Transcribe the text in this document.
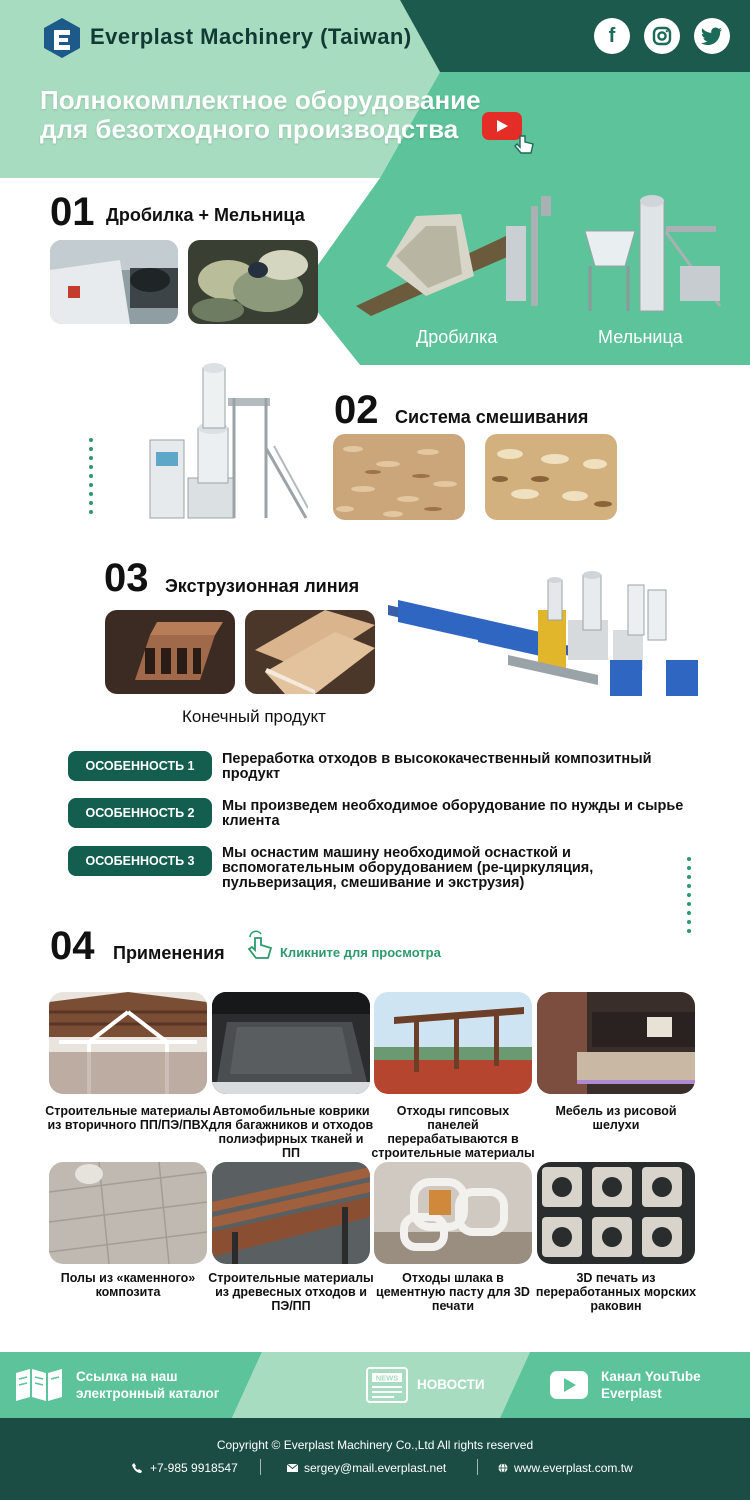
Everplast Machinery (Taiwan)	f
Полнокомплектное оборудование для безотходного производства
01 Дробилка + Мельница
Дробилка	Мельница
02 Система смешивания
03 Экструзионная линия
Конечный продукт
ОСОБЕННОСТЬ 1	Переработка отходов в высококачественный композитный продукт
ОСОБЕННОСТЬ 2	Мы произведем необходимое оборудование по нужды и сырье клиента
ОСОБЕННОСТЬ 3	Мы оснастим машину необходимой оснасткой и вспомогательным оборудованием (ре-циркуляция, пульверизация, смешивание и экструзия)
04 Применения	Кликните для просмотра
Строительные материалы из вторичного ПП/ПЭ/ПВХ
Автомобильные коврики для багажников и отходов полиэфирных тканей и ПП
Отходы гипсовых панелей перерабатываются в строительные материалы
Мебель из рисовой шелухи
Полы из «каменного» композита
Строительные материалы из древесных отходов и ПЭ/ПП
Отходы шлака в цементную пасту для 3D печати
3D печать из переработанных морских раковин
Ссылка на наш электронный каталог
NEWS НОВОСТИ
Канал YouTube Everplast
Copyright © Everplast Machinery Co.,Ltd All rights reserved
+7-985 9918547	sergey@mail.everplast.net	www.everplast.com.tw
